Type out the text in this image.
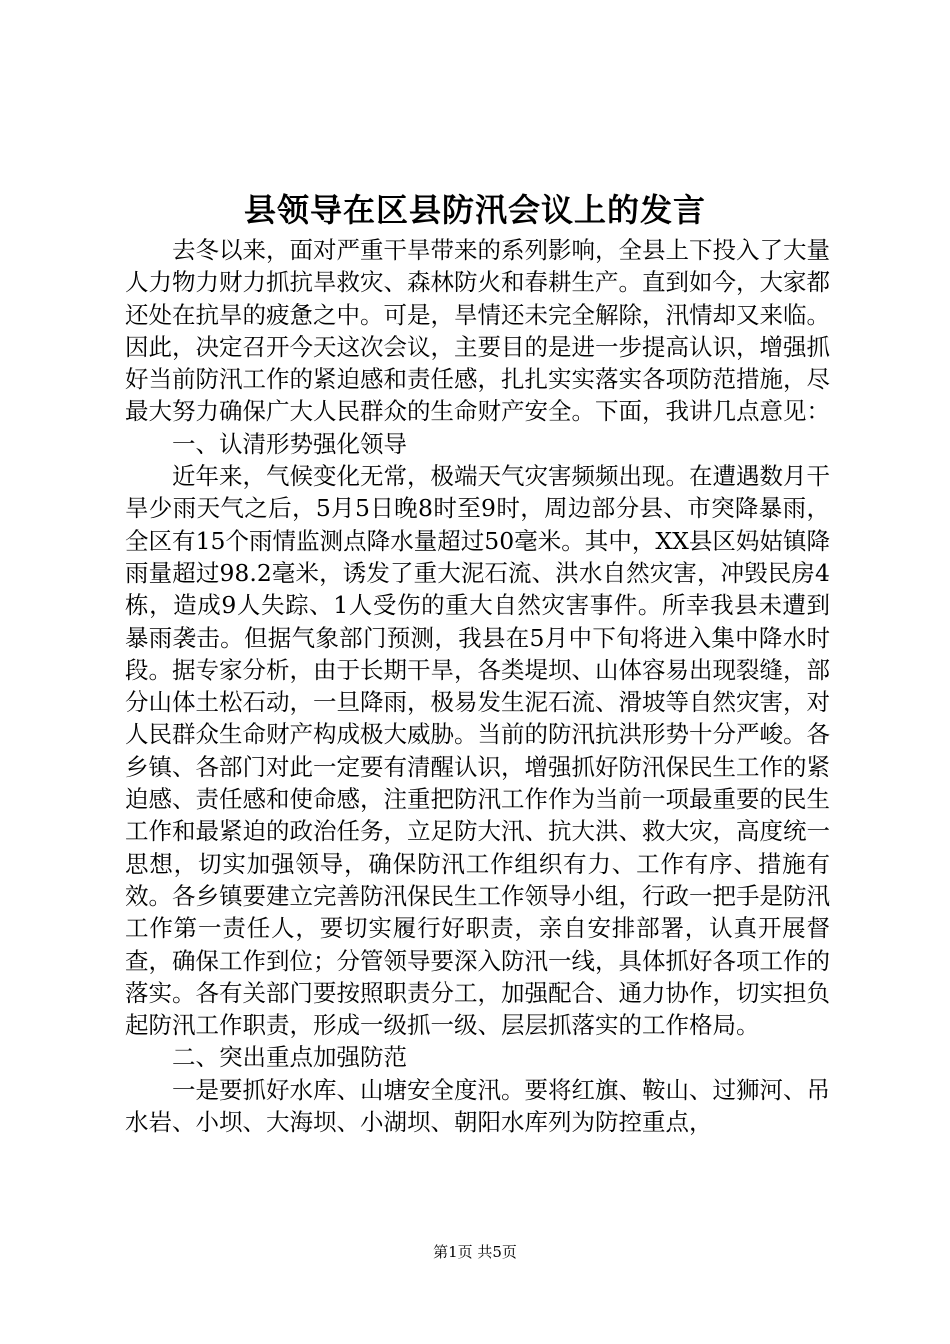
县领导在区县防汛会议上的发言

去冬以来，面对严重干旱带来的系列影响，全县上下投入了大量人力物力财力抓抗旱救灾、森林防火和春耕生产。直到如今，大家都还处在抗旱的疲惫之中。可是，旱情还未完全解除，汛情却又来临。因此，决定召开今天这次会议，主要目的是进一步提高认识，增强抓好当前防汛工作的紧迫感和责任感，扎扎实实落实各项防范措施，尽最大努力确保广大人民群众的生命财产安全。下面，我讲几点意见：

一、认清形势强化领导

近年来，气候变化无常，极端天气灾害频频出现。在遭遇数月干旱少雨天气之后，5月5日晚8时至9时，周边部分县、市突降暴雨，全区有15个雨情监测点降水量超过50毫米。其中，XX县区妈姑镇降雨量超过98.2毫米，诱发了重大泥石流、洪水自然灾害，冲毁民房4栋，造成9人失踪、1人受伤的重大自然灾害事件。所幸我县未遭到暴雨袭击。但据气象部门预测，我县在5月中下旬将进入集中降水时段。据专家分析，由于长期干旱，各类堤坝、山体容易出现裂缝，部分山体土松石动，一旦降雨，极易发生泥石流、滑坡等自然灾害，对人民群众生命财产构成极大威胁。当前的防汛抗洪形势十分严峻。各乡镇、各部门对此一定要有清醒认识，增强抓好防汛保民生工作的紧迫感、责任感和使命感，注重把防汛工作作为当前一项最重要的民生工作和最紧迫的政治任务，立足防大汛、抗大洪、救大灾，高度统一思想，切实加强领导，确保防汛工作组织有力、工作有序、措施有效。各乡镇要建立完善防汛保民生工作领导小组，行政一把手是防汛工作第一责任人，要切实履行好职责，亲自安排部署，认真开展督查，确保工作到位；分管领导要深入防汛一线，具体抓好各项工作的落实。各有关部门要按照职责分工，加强配合、通力协作，切实担负起防汛工作职责，形成一级抓一级、层层抓落实的工作格局。

二、突出重点加强防范

一是要抓好水库、山塘安全度汛。要将红旗、鞍山、过狮河、吊水岩、小坝、大海坝、小湖坝、朝阳水库列为防控重点，

第1页 共5页
